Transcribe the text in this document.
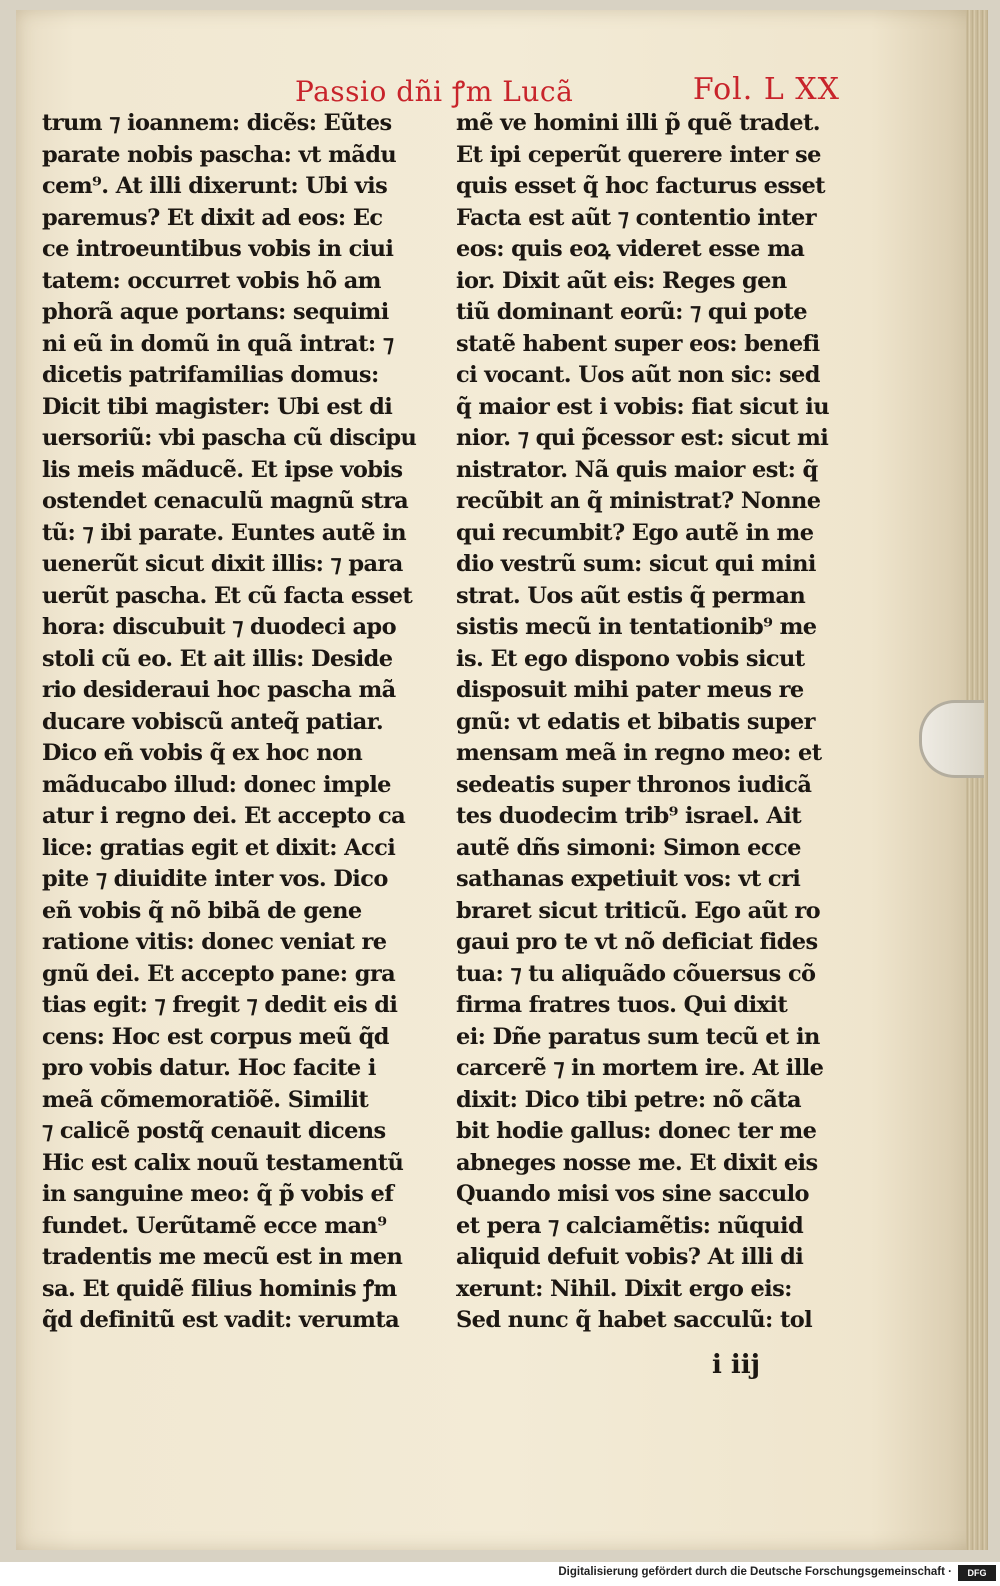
Passio dñi ꝭm Lucã	Fol. L XX
trum ⁊ ioannem: dicẽs: Eũtes
parate nobis pascha: vt mãdu
cem⁹. At illi dixerunt: Ubi vis
paremus? Et dixit ad eos: Ec
ce introeuntibus vobis in ciui
tatem: occurret vobis hõ am
phorã aque portans: sequimi
ni eũ in domũ in quã intrat: ⁊
dicetis patrifamilias domus:
Dicit tibi magister: Ubi est di
uersoriũ: vbi pascha cũ discipu
lis meis mãducẽ. Et ipse vobis
ostendet cenaculũ magnũ stra
tũ: ⁊ ibi parate. Euntes autẽ in
uenerũt sicut dixit illis: ⁊ para
uerũt pascha. Et cũ facta esset
hora: discubuit ⁊ duodeci apo
stoli cũ eo. Et ait illis: Deside
rio desideraui hoc pascha mã
ducare vobiscũ anteq̃ patiar.
Dico eñ vobis q̃ ex hoc non
mãducabo illud: donec imple
atur i regno dei. Et accepto ca
lice: gratias egit et dixit: Acci
pite ⁊ diuidite inter vos. Dico
eñ vobis q̃ nõ bibã de gene
ratione vitis: donec veniat re
gnũ dei. Et accepto pane: gra
tias egit: ⁊ fregit ⁊ dedit eis di
cens: Hoc est corpus meũ q̃d
pro vobis datur. Hoc facite i
meã cõmemoratiõẽ. Similit
⁊ calicẽ postq̃ cenauit dicens
Hic est calix nouũ testamentũ
in sanguine meo: q̃ p̃ vobis ef
fundet. Uerũtamẽ ecce man⁹
tradentis me mecũ est in men
sa. Et quidẽ filius hominis ꝭm
q̃d definitũ est vadit: verumta
mẽ ve homini illi p̃ quẽ tradet.
Et ipi ceperũt querere inter se
quis esset q̃ hoc facturus esset
Facta est aũt ⁊ contentio inter
eos: quis eoꝝ videret esse ma
ior. Dixit aũt eis: Reges gen
tiũ dominant eorũ: ⁊ qui pote
statẽ habent super eos: benefi
ci vocant. Uos aũt non sic: sed
q̃ maior est i vobis: fiat sicut iu
nior. ⁊ qui p̃cessor est: sicut mi
nistrator. Nã quis maior est: q̃
recũbit an q̃ ministrat? Nonne
qui recumbit? Ego autẽ in me
dio vestrũ sum: sicut qui mini
strat. Uos aũt estis q̃ perman
sistis mecũ in tentationib⁹ me
is. Et ego dispono vobis sicut
disposuit mihi pater meus re
gnũ: vt edatis et bibatis super
mensam meã in regno meo: et
sedeatis super thronos iudicã
tes duodecim trib⁹ israel. Ait
autẽ dñs simoni: Simon ecce
sathanas expetiuit vos: vt cri
braret sicut triticũ. Ego aũt ro
gaui pro te vt nõ deficiat fides
tua: ⁊ tu aliquãdo cõuersus cõ
firma fratres tuos. Qui dixit
ei: Dñe paratus sum tecũ et in
carcerẽ ⁊ in mortem ire. At ille
dixit: Dico tibi petre: nõ cãta
bit hodie gallus: donec ter me
abneges nosse me. Et dixit eis
Quando misi vos sine sacculo
et pera ⁊ calciamẽtis: nũquid
aliquid defuit vobis? At illi di
xerunt: Nihil. Dixit ergo eis:
Sed nunc q̃ habet sacculũ: tol
i iij
Digitalisierung gefördert durch die Deutsche Forschungsgemeinschaft ·	DFG
